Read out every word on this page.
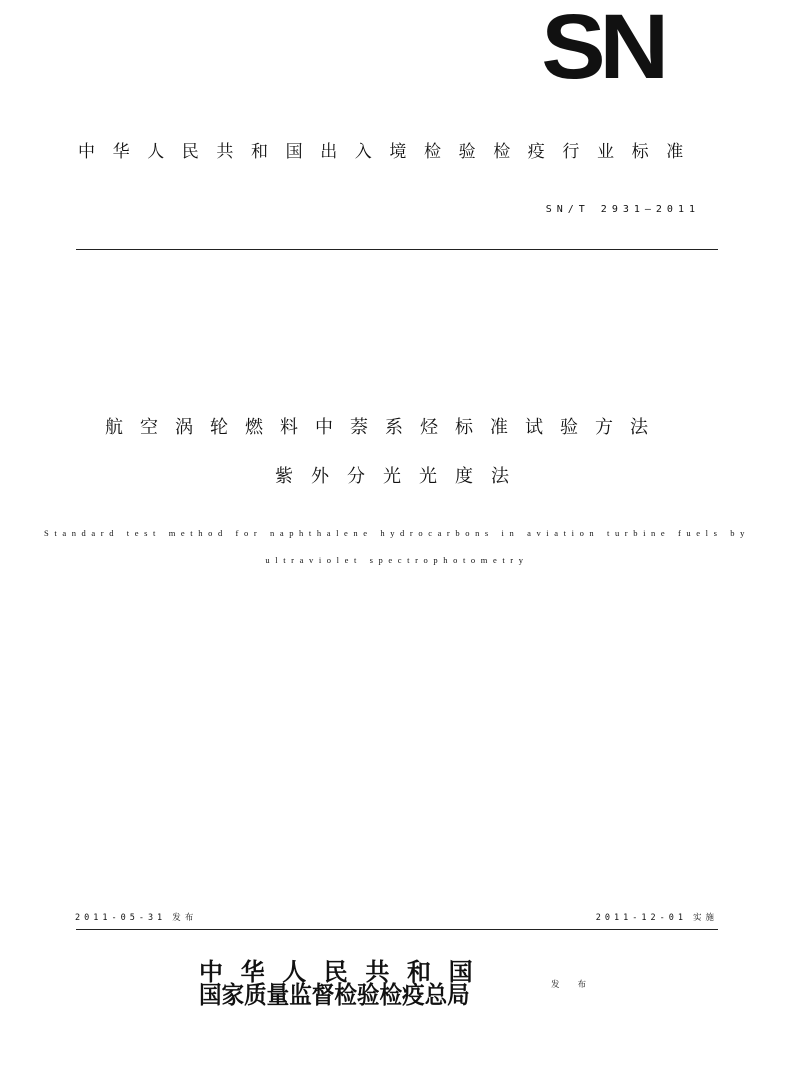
SN
中华人民共和国出入境检验检疫行业标准
SN/T 2931—2011
航空涡轮燃料中萘系烃标准试验方法
紫外分光光度法
Standard test method for naphthalene hydrocarbons in aviation turbine fuels by
ultraviolet spectrophotometry
2011-05-31 发布	2011-12-01 实施
中华人民共和国
国家质量监督检验检疫总局	发布
